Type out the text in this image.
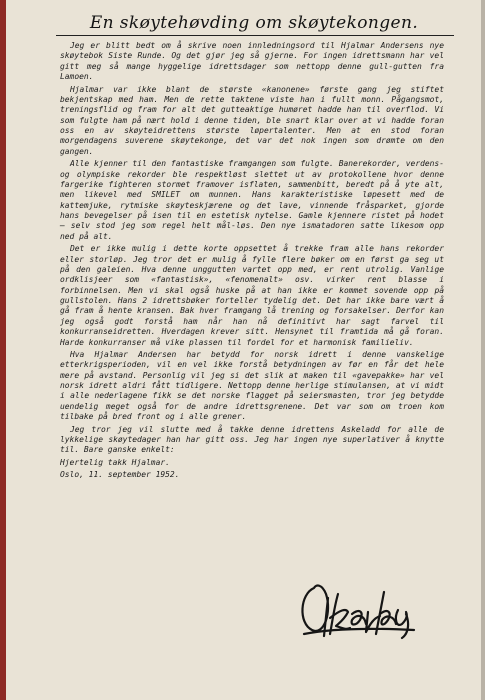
En skøytehøvding om skøytekongen.

Jeg er blitt bedt om å skrive noen innledningsord til Hjalmar Andersens nye skøytebok Siste Runde. Og det gjør jeg så gjerne. For ingen idrettsmann har vel gitt meg så mange hyggelige idrettsdager som nettopp denne gull-gutten fra Lamoen.

Hjalmar var ikke blant de største «kanonene» første gang jeg stiftet bekjentskap med ham. Men de rette taktene viste han i fullt monn. Pågangsmot, treningsflid og fram for alt det gutteaktige humøret hadde han til overflod. Vi som fulgte ham på nært hold i denne tiden, ble snart klar over at vi hadde foran oss en av skøyteidrettens største løpertalenter. Men at en stod foran morgendagens suverene skøytekonge, det var det nok ingen som drømte om den gangen.

Alle kjenner til den fantastiske framgangen som fulgte. Banerekorder, verdens- og olympiske rekorder ble respektløst slettet ut av protokollene hvor denne fargerike fighteren stormet framover isflaten, sammenbitt, beredt på å yte alt, men likevel med SMILET om munnen. Hans karakteristiske løpesett med de kattemjuke, rytmiske skøyteskjærene og det lave, vinnende fråsparket, gjorde hans bevegelser på isen til en estetisk nytelse. Gamle kjennere ristet på hodet — selv stod jeg som regel helt mål-løs. Den nye ismatadoren satte likesom opp ned på alt.

Det er ikke mulig i dette korte oppsettet å trekke fram alle hans rekorder eller storløp. Jeg tror det er mulig å fylle flere bøker om en først ga seg ut på den galeien. Hva denne unggutten vartet opp med, er rent utrolig. Vanlige ordklisjeer som «fantastisk», «fenomenalt» osv. virker rent blasse i forbinnelsen. Men vi skal også huske på at han ikke er kommet sovende opp på gullstolen. Hans 2 idrettsbøker forteller tydelig det. Det har ikke bare vært å gå fram å hente kransen. Bak hver framgang lå trening og forsakelser. Derfor kan jeg også godt forstå ham når han nå definitivt har sagt farvel til konkurranseidretten. Hverdagen krever sitt. Hensynet til framtida må gå foran. Harde konkurranser må vike plassen til fordel for et harmonisk familieliv.

Hva Hjalmar Andersen har betydd for norsk idrett i denne vanskelige etterkrigsperioden, vil en vel ikke forstå betydningen av før en får det hele mere på avstand. Personlig vil jeg si det slik at maken til «gavepakke» har vel norsk idrett aldri fått tidligere. Nettopp denne herlige stimulansen, at vi midt i alle nederlagene fikk se det norske flagget på seiersmasten, tror jeg betydde uendelig meget også for de andre idrettsgrenene. Det var som om troen kom tilbake på bred front og i alle grener.

Jeg tror jeg vil slutte med å takke denne idrettens Askeladd for alle de lykkelige skøytedager han har gitt oss. Jeg har ingen nye superlativer å knytte til. Bare ganske enkelt:

Hjertelig takk Hjalmar.

Oslo, 11. september 1952.
